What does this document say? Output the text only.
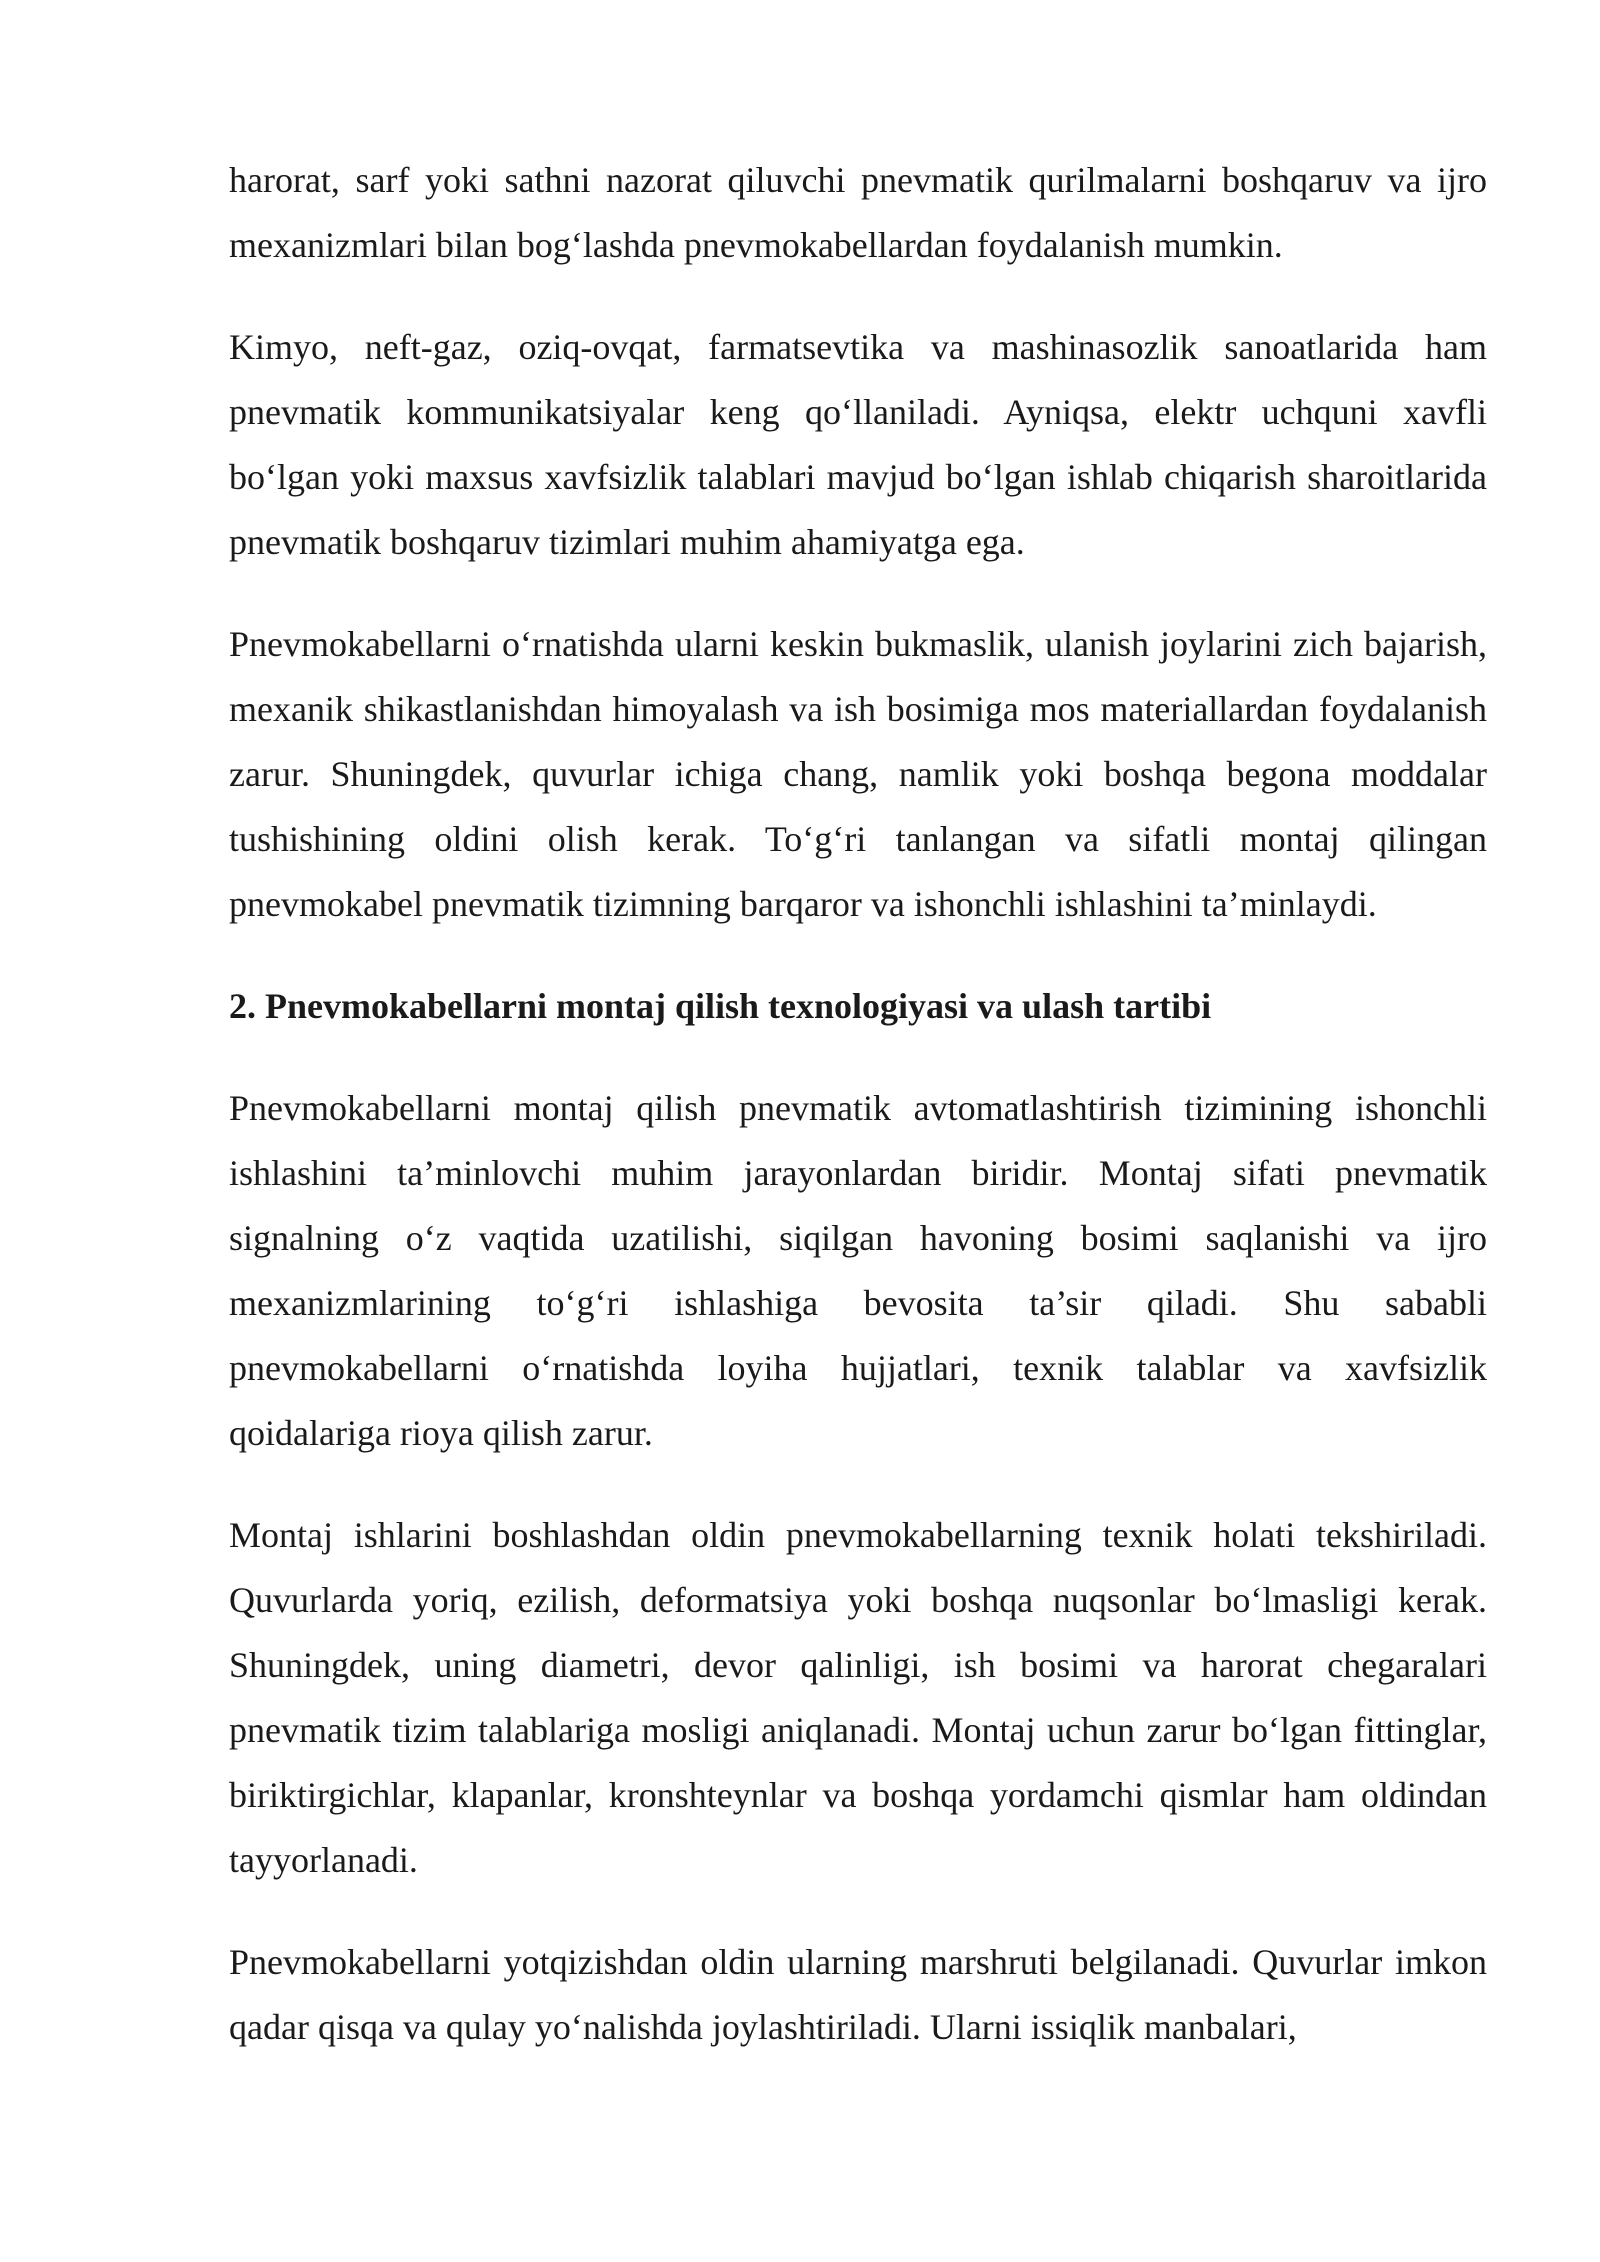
harorat, sarf yoki sathni nazorat qiluvchi pnevmatik qurilmalarni boshqaruv va ijro mexanizmlari bilan bog‘lashda pnevmokabellardan foydalanish mumkin.

Kimyo, neft-gaz, oziq-ovqat, farmatsevtika va mashinasozlik sanoatlarida ham pnevmatik kommunikatsiyalar keng qo‘llaniladi. Ayniqsa, elektr uchquni xavfli bo‘lgan yoki maxsus xavfsizlik talablari mavjud bo‘lgan ishlab chiqarish sharoitlarida pnevmatik boshqaruv tizimlari muhim ahamiyatga ega.

Pnevmokabellarni o‘rnatishda ularni keskin bukmaslik, ulanish joylarini zich bajarish, mexanik shikastlanishdan himoyalash va ish bosimiga mos materiallardan foydalanish zarur. Shuningdek, quvurlar ichiga chang, namlik yoki boshqa begona moddalar tushishining oldini olish kerak. To‘g‘ri tanlangan va sifatli montaj qilingan pnevmokabel pnevmatik tizimning barqaror va ishonchli ishlashini ta’minlaydi.

2. Pnevmokabellarni montaj qilish texnologiyasi va ulash tartibi

Pnevmokabellarni montaj qilish pnevmatik avtomatlashtirish tizimining ishonchli ishlashini ta’minlovchi muhim jarayonlardan biridir. Montaj sifati pnevmatik signalning o‘z vaqtida uzatilishi, siqilgan havoning bosimi saqlanishi va ijro mexanizmlarining to‘g‘ri ishlashiga bevosita ta’sir qiladi. Shu sababli pnevmokabellarni o‘rnatishda loyiha hujjatlari, texnik talablar va xavfsizlik qoidalariga rioya qilish zarur.

Montaj ishlarini boshlashdan oldin pnevmokabellarning texnik holati tekshiriladi. Quvurlarda yoriq, ezilish, deformatsiya yoki boshqa nuqsonlar bo‘lmasligi kerak. Shuningdek, uning diametri, devor qalinligi, ish bosimi va harorat chegaralari pnevmatik tizim talablariga mosligi aniqlanadi. Montaj uchun zarur bo‘lgan fittinglar, biriktirgichlar, klapanlar, kronshteynlar va boshqa yordamchi qismlar ham oldindan tayyorlanadi.

Pnevmokabellarni yotqizishdan oldin ularning marshruti belgilanadi. Quvurlar imkon qadar qisqa va qulay yo‘nalishda joylashtiriladi. Ularni issiqlik manbalari,
